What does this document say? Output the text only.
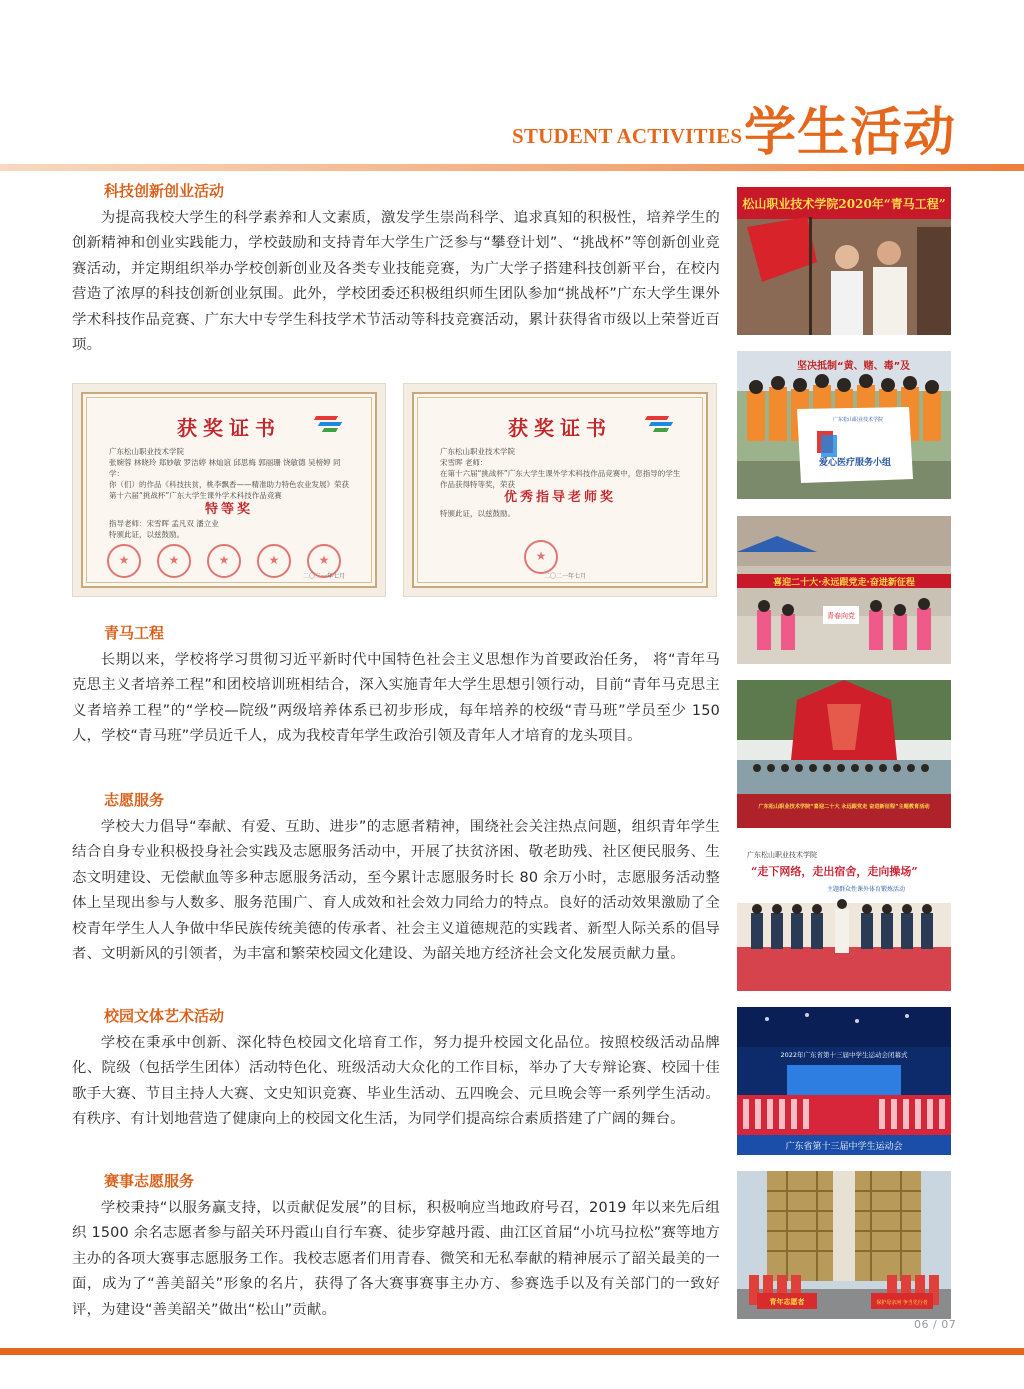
STUDENT ACTIVITIES 学生活动
科技创新创业活动

为提高我校大学生的科学素养和人文素质，激发学生崇尚科学、追求真知的积极性，培养学生的创新精神和创业实践能力，学校鼓励和支持青年大学生广泛参与“攀登计划”、“挑战杯”等创新创业竞赛活动，并定期组织举办学校创新创业及各类专业技能竞赛，为广大学子搭建科技创新平台，在校内营造了浓厚的科技创新创业氛围。此外，学校团委还积极组织师生团队参加“挑战杯”广东大学生课外学术科技作品竞赛、广东大中专学生科技学术节活动等科技竞赛活动，累计获得省市级以上荣誉近百项。

获奖证书
广东松山职业技术学院
张婉蓉 林晓玲 郑妙敏 罗洁婷 林灿谊 邱思梅 郭丽珊 饶敏德 吴榜婷 同学：
你（们）的作品《科技扶贫，桃李飘香——精准助力特色农业发展》荣获第十六届“挑战杯”广东大学生课外学术科技作品竞赛
特等奖
指导老师：宋雪晖 孟凡双 潘立业
特颁此证，以兹鼓励。
★
★
★
★
★
二〇二一年七月
获奖证书
广东松山职业技术学院
宋雪晖 老师：
在第十六届“挑战杯”广东大学生课外学术科技作品竞赛中，您指导的学生作品获得特等奖，荣获
优秀指导老师奖
特颁此证，以兹鼓励。
★
二〇二一年七月
青马工程

长期以来，学校将学习贯彻习近平新时代中国特色社会主义思想作为首要政治任务， 将“青年马克思主义者培养工程”和团校培训班相结合，深入实施青年大学生思想引领行动，目前“青年马克思主义者培养工程”的“学校—院级”两级培养体系已初步形成，每年培养的校级“青马班”学员至少 150 人，学校“青马班”学员近千人，成为我校青年学生政治引领及青年人才培育的龙头项目。

志愿服务

学校大力倡导“奉献、有爱、互助、进步”的志愿者精神，围绕社会关注热点问题，组织青年学生结合自身专业积极投身社会实践及志愿服务活动中，开展了扶贫济困、敬老助残、社区便民服务、生态文明建设、无偿献血等多种志愿服务活动，至今累计志愿服务时长 80 余万小时，志愿服务活动整体上呈现出参与人数多、服务范围广、育人成效和社会效力同给力的特点。良好的活动效果激励了全校青年学生人人争做中华民族传统美德的传承者、社会主义道德规范的实践者、新型人际关系的倡导者、文明新风的引领者，为丰富和繁荣校园文化建设、为韶关地方经济社会文化发展贡献力量。

校园文体艺术活动

学校在秉承中创新、深化特色校园文化培育工作，努力提升校园文化品位。按照校级活动品牌化、院级（包括学生团体）活动特色化、班级活动大众化的工作目标，举办了大专辩论赛、校园十佳歌手大赛、节目主持人大赛、文史知识竞赛、毕业生活动、五四晚会、元旦晚会等一系列学生活动。有秩序、有计划地营造了健康向上的校园文化生活，为同学们提高综合素质搭建了广阔的舞台。

赛事志愿服务

学校秉持“以服务赢支持，以贡献促发展”的目标，积极响应当地政府号召，2019 年以来先后组织 1500 余名志愿者参与韶关环丹霞山自行车赛、徒步穿越丹霞、曲江区首届“小坑马拉松”赛等地方主办的各项大赛事志愿服务工作。我校志愿者们用青春、微笑和无私奉献的精神展示了韶关最美的一面，成为了“善美韶关”形象的名片，获得了各大赛事赛事主办方、参赛选手以及有关部门的一致好评，为建设“善美韶关”做出“松山”贡献。

松山职业技术学院2020年“青马工程”
坚决抵制“黄、赌、毒”及
广东松山职业技术学院
爱心医疗服务小组
喜迎二十大·永远跟党走·奋进新征程
青春向党
广东松山职业技术学院“喜迎二十大 永远跟党走 奋进新征程”主题教育活动
广东松山职业技术学院
“走下网络，走出宿舍，走向操场”
主题群众性课外体育锻炼活动
2022年广东省第十三届中学生运动会闭幕式
广东省第十三届中学生运动会
青年志愿者	保护母亲河 争当先行者
06 / 07
